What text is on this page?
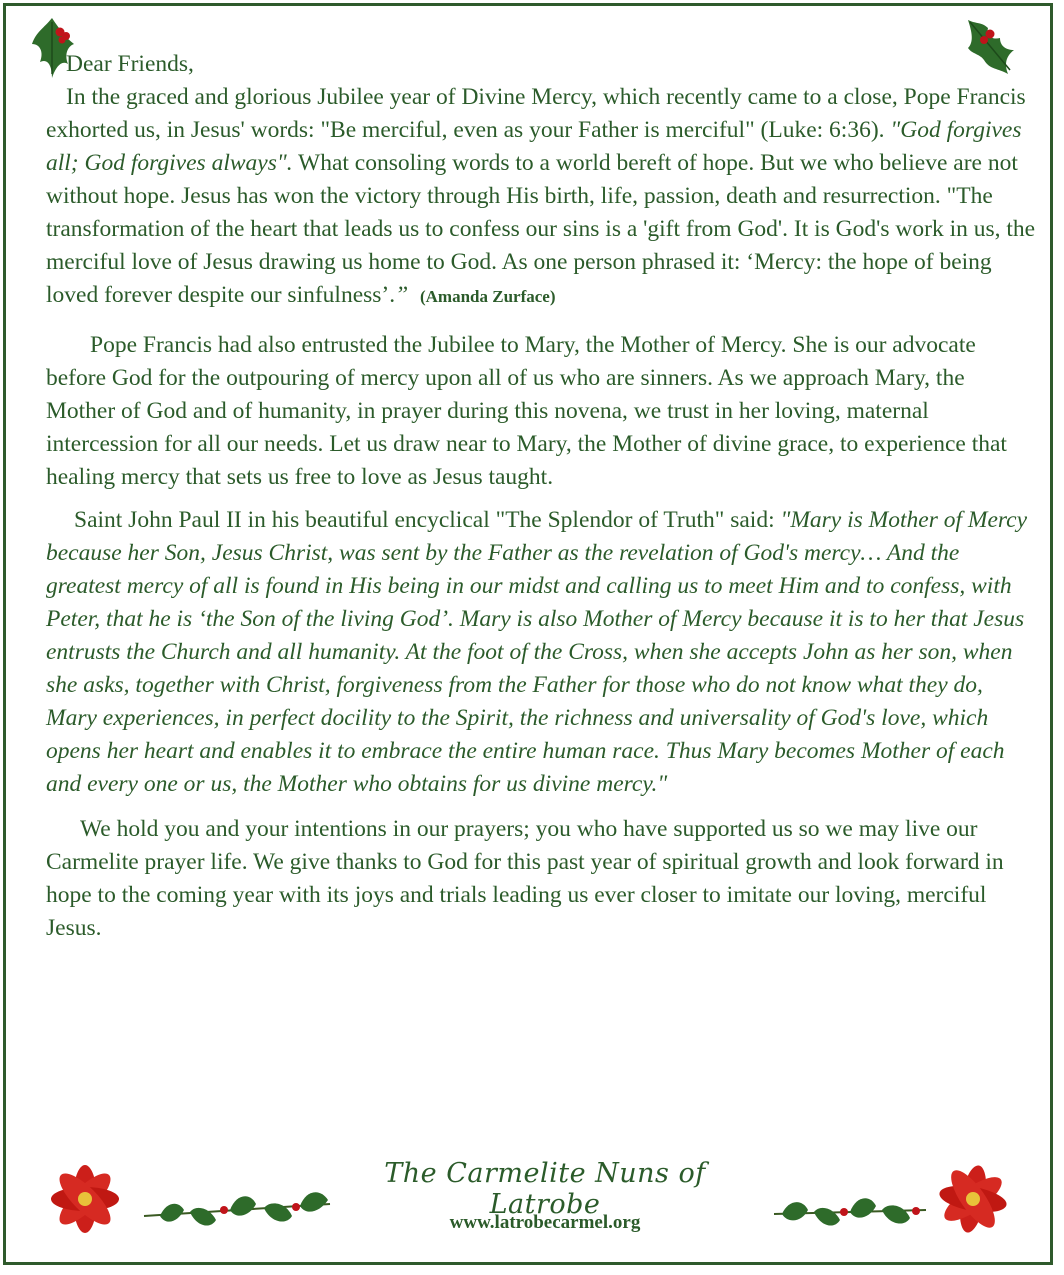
Dear Friends,

In the graced and glorious Jubilee year of Divine Mercy, which recently came to a close, Pope Francis exhorted us, in Jesus' words: "Be merciful, even as your Father is merciful" (Luke: 6:36). "God forgives all; God forgives always". What consoling words to a world bereft of hope. But we who believe are not without hope. Jesus has won the victory through His birth, life, passion, death and resurrection. "The transformation of the heart that leads us to confess our sins is a 'gift from God'. It is God's work in us, the merciful love of Jesus drawing us home to God. As one person phrased it: ‘Mercy: the hope of being loved forever despite our sinfulness’.” (Amanda Zurface)

Pope Francis had also entrusted the Jubilee to Mary, the Mother of Mercy. She is our advocate before God for the outpouring of mercy upon all of us who are sinners. As we approach Mary, the Mother of God and of humanity, in prayer during this novena, we trust in her loving, maternal intercession for all our needs. Let us draw near to Mary, the Mother of divine grace, to experience that healing mercy that sets us free to love as Jesus taught.

Saint John Paul II in his beautiful encyclical "The Splendor of Truth" said: "Mary is Mother of Mercy because her Son, Jesus Christ, was sent by the Father as the revelation of God's mercy… And the greatest mercy of all is found in His being in our midst and calling us to meet Him and to confess, with Peter, that he is ‘the Son of the living God’. Mary is also Mother of Mercy because it is to her that Jesus entrusts the Church and all humanity. At the foot of the Cross, when she accepts John as her son, when she asks, together with Christ, forgiveness from the Father for those who do not know what they do, Mary experiences, in perfect docility to the Spirit, the richness and universality of God's love, which opens her heart and enables it to embrace the entire human race. Thus Mary becomes Mother of each and every one or us, the Mother who obtains for us divine mercy."

We hold you and your intentions in our prayers; you who have supported us so we may live our Carmelite prayer life. We give thanks to God for this past year of spiritual growth and look forward in hope to the coming year with its joys and trials leading us ever closer to imitate our loving, merciful Jesus.

The Carmelite Nuns of Latrobe
www.latrobecarmel.org
